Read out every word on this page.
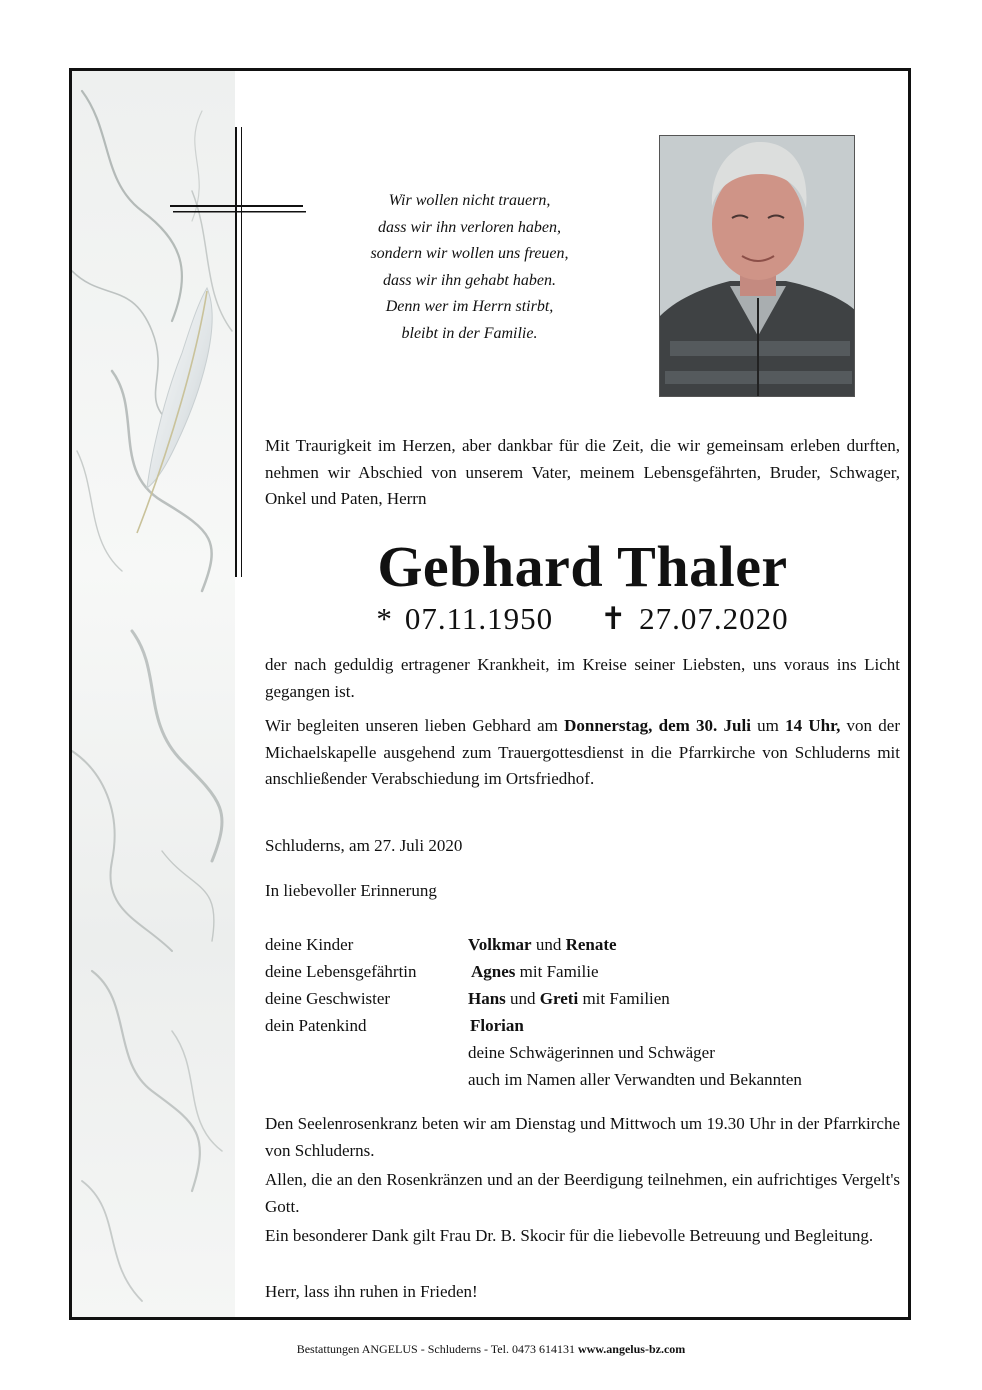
Wir wollen nicht trauern,
dass wir ihn verloren haben,
sondern wir wollen uns freuen,
dass wir ihn gehabt haben.
Denn wer im Herrn stirbt,
bleibt in der Familie.
Mit Traurigkeit im Herzen, aber dankbar für die Zeit, die wir gemeinsam erleben durften, nehmen wir Abschied von unserem Vater, meinem Lebensgefährten, Bruder, Schwager, Onkel und Paten, Herrn
Gebhard Thaler
* 07.11.1950 ✝ 27.07.2020
der nach geduldig ertragener Krankheit, im Kreise seiner Liebsten, uns voraus ins Licht gegangen ist.
Wir begleiten unseren lieben Gebhard am Donnerstag, dem 30. Juli um 14 Uhr, von der Michaelskapelle ausgehend zum Trauergottesdienst in die Pfarrkirche von Schluderns mit anschließender Verabschiedung im Ortsfriedhof.
Schluderns, am 27. Juli 2020
In liebevoller Erinnerung
deine Kinder	Volkmar und Renate
deine Lebensgefährtin	Agnes mit Familie
deine Geschwister	Hans und Greti mit Familien
dein Patenkind	Florian
deine Schwägerinnen und Schwäger
auch im Namen aller Verwandten und Bekannten
Den Seelenrosenkranz beten wir am Dienstag und Mittwoch um 19.30 Uhr in der Pfarrkirche von Schluderns.
Allen, die an den Rosenkränzen und an der Beerdigung teilnehmen, ein aufrichtiges Vergelt's Gott.
Ein besonderer Dank gilt Frau Dr. B. Skocir für die liebevolle Betreuung und Begleitung.
Herr, lass ihn ruhen in Frieden!
Bestattungen ANGELUS - Schluderns - Tel. 0473 614131 www.angelus-bz.com
